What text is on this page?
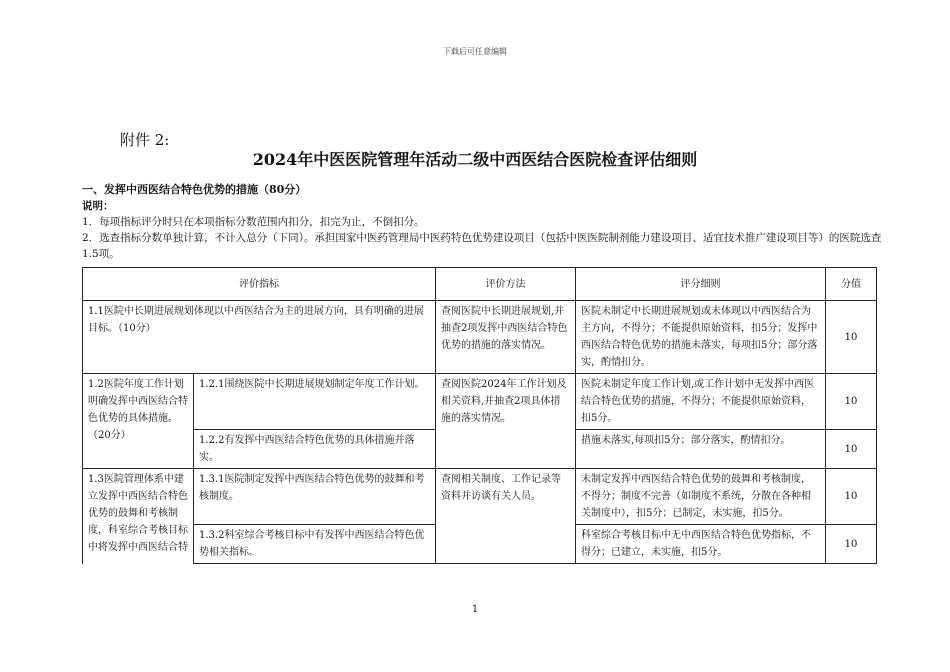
下载后可任意编辑
附件 2:
2024年中医医院管理年活动二级中西医结合医院检查评估细则
一、发挥中西医结合特色优势的措施（80分）
说明：
1．每项指标评分时只在本项指标分数范围内扣分，扣完为止，不倒扣分。
2．选查指标分数单独计算，不计入总分（下同）。承担国家中医药管理局中医药特色优势建设项目（包括中医医院制剂能力建设项目、适宜技术推广建设项目等）的医院选查1.5项。
评价指标		评价方法	评分细则	分值
1.1医院中长期进展规划体现以中西医结合为主的进展方向，具有明确的进展目标。（10分）		查阅医院中长期进展规划,并抽查2项发挥中西医结合特色优势的措施的落实情况。	医院未制定中长期进展规划或未体现以中西医结合为主方向，不得分；不能提供原始资料，扣5分；发挥中西医结合特色优势的措施未落实，每项扣5分；部分落实，酌情扣分。	10
1.2医院年度工作计划明确发挥中西医结合特色优势的具体措施。（20分）	1.2.1围绕医院中长期进展规划制定年度工作计划。	查阅医院2024年工作计划及相关资料,并抽查2项具体措施的落实情况。	医院未制定年度工作计划,或工作计划中无发挥中西医结合特色优势的措施，不得分；不能提供原始资料，扣5分。	10
	1.2.2有发挥中西医结合特色优势的具体措施并落实。		措施未落实,每项扣5分；部分落实，酌情扣分。	10
1.3医院管理体系中建立发挥中西医结合特色优势的鼓舞和考核制度，科室综合考核目标中将发挥中西医结合特	1.3.1医院制定发挥中西医结合特色优势的鼓舞和考核制度。	查阅相关制度、工作记录等资料并访谈有关人员。	未制定发挥中西医结合特色优势的鼓舞和考核制度，不得分；制度不完善（如制度不系统，分散在各种相关制度中），扣5分；已制定，未实施，扣5分。	10
	1.3.2科室综合考核目标中有发挥中西医结合特色优势相关指标。		科室综合考核目标中无中西医结合特色优势指标，不得分；已建立，未实施，扣5分。	10
1
